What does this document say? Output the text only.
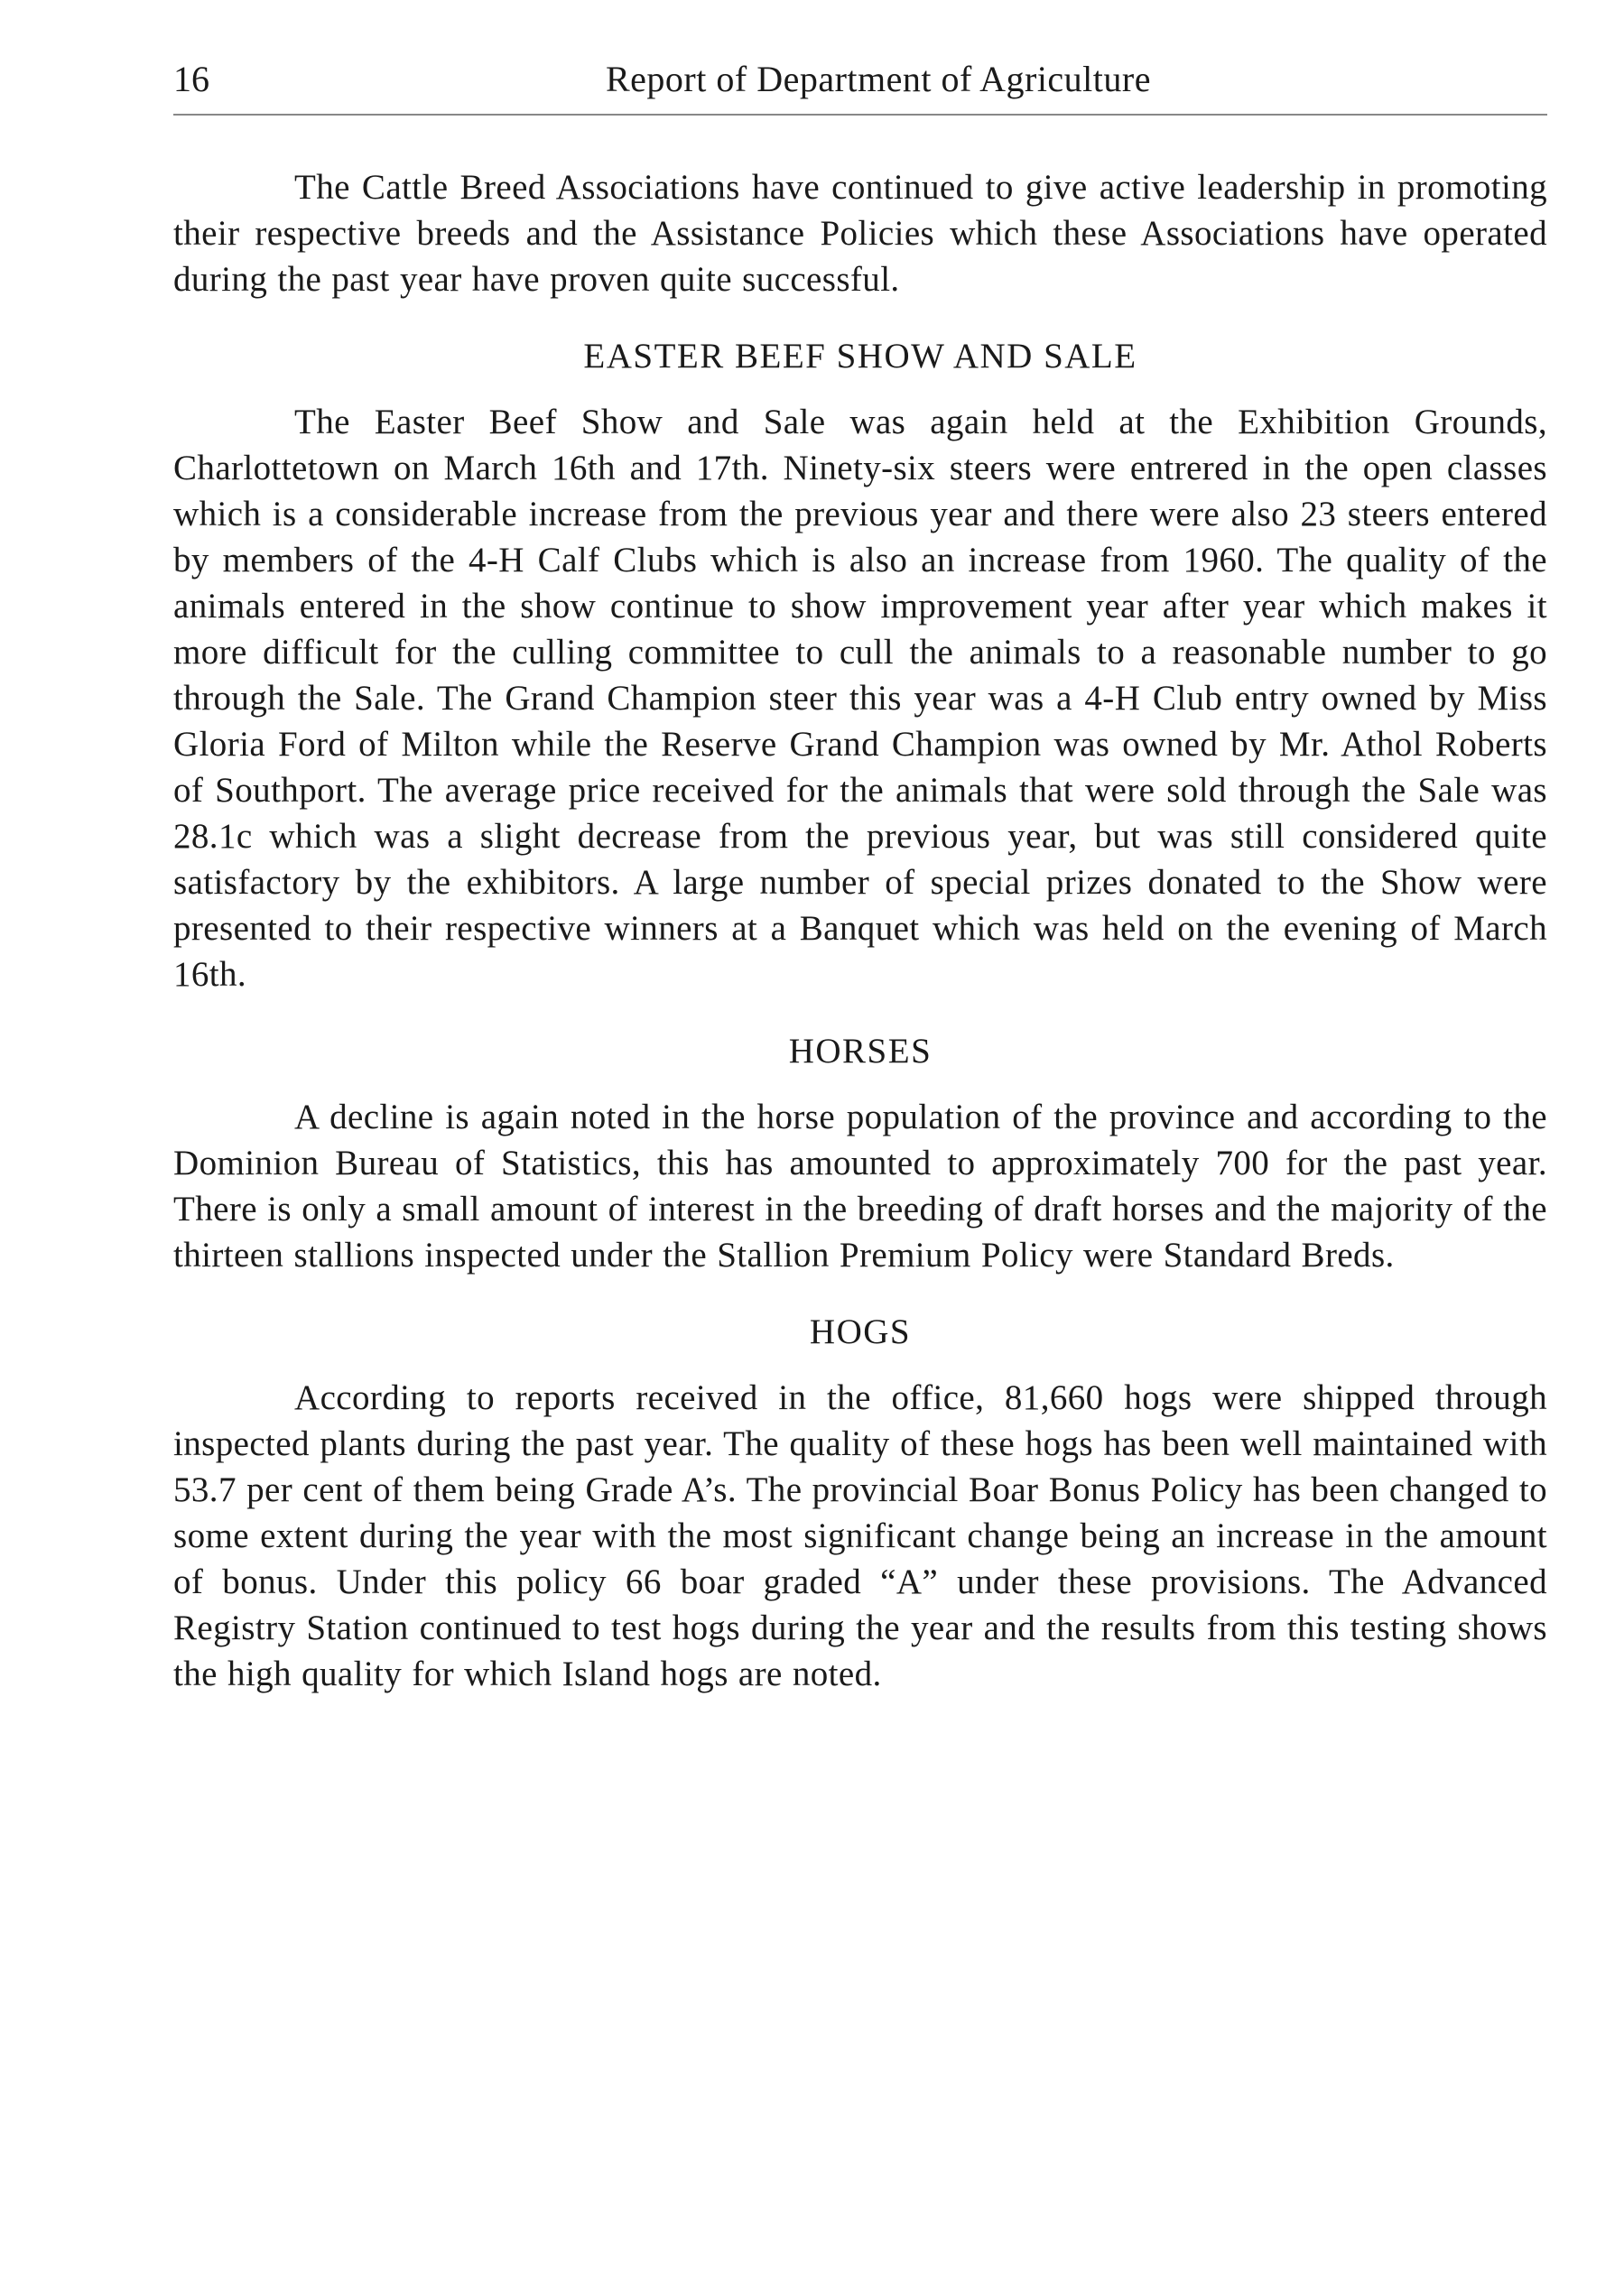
16	Report of Department of Agriculture

The Cattle Breed Associations have continued to give active leadership in promoting their respective breeds and the Assistance Policies which these Associations have operated during the past year have proven quite successful.

EASTER BEEF SHOW AND SALE

The Easter Beef Show and Sale was again held at the Exhibition Grounds, Charlottetown on March 16th and 17th. Ninety-six steers were entrered in the open classes which is a considerable increase from the previous year and there were also 23 steers entered by members of the 4-H Calf Clubs which is also an increase from 1960. The quality of the animals entered in the show continue to show improvement year after year which makes it more difficult for the culling committee to cull the animals to a reasonable number to go through the Sale. The Grand Champion steer this year was a 4-H Club entry owned by Miss Gloria Ford of Milton while the Reserve Grand Champion was owned by Mr. Athol Roberts of Southport. The average price received for the animals that were sold through the Sale was 28.1c which was a slight decrease from the previous year, but was still considered quite satisfactory by the exhibitors. A large number of special prizes donated to the Show were presented to their respective winners at a Banquet which was held on the evening of March 16th.

HORSES

A decline is again noted in the horse population of the province and according to the Dominion Bureau of Statistics, this has amounted to approximately 700 for the past year. There is only a small amount of interest in the breeding of draft horses and the majority of the thirteen stallions inspected under the Stallion Premium Policy were Standard Breds.

HOGS

According to reports received in the office, 81,660 hogs were shipped through inspected plants during the past year. The quality of these hogs has been well maintained with 53.7 per cent of them being Grade A’s. The provincial Boar Bonus Policy has been changed to some extent during the year with the most significant change being an increase in the amount of bonus. Under this policy 66 boar graded “A” under these provisions. The Advanced Registry Station continued to test hogs during the year and the results from this testing shows the high quality for which Island hogs are noted.
